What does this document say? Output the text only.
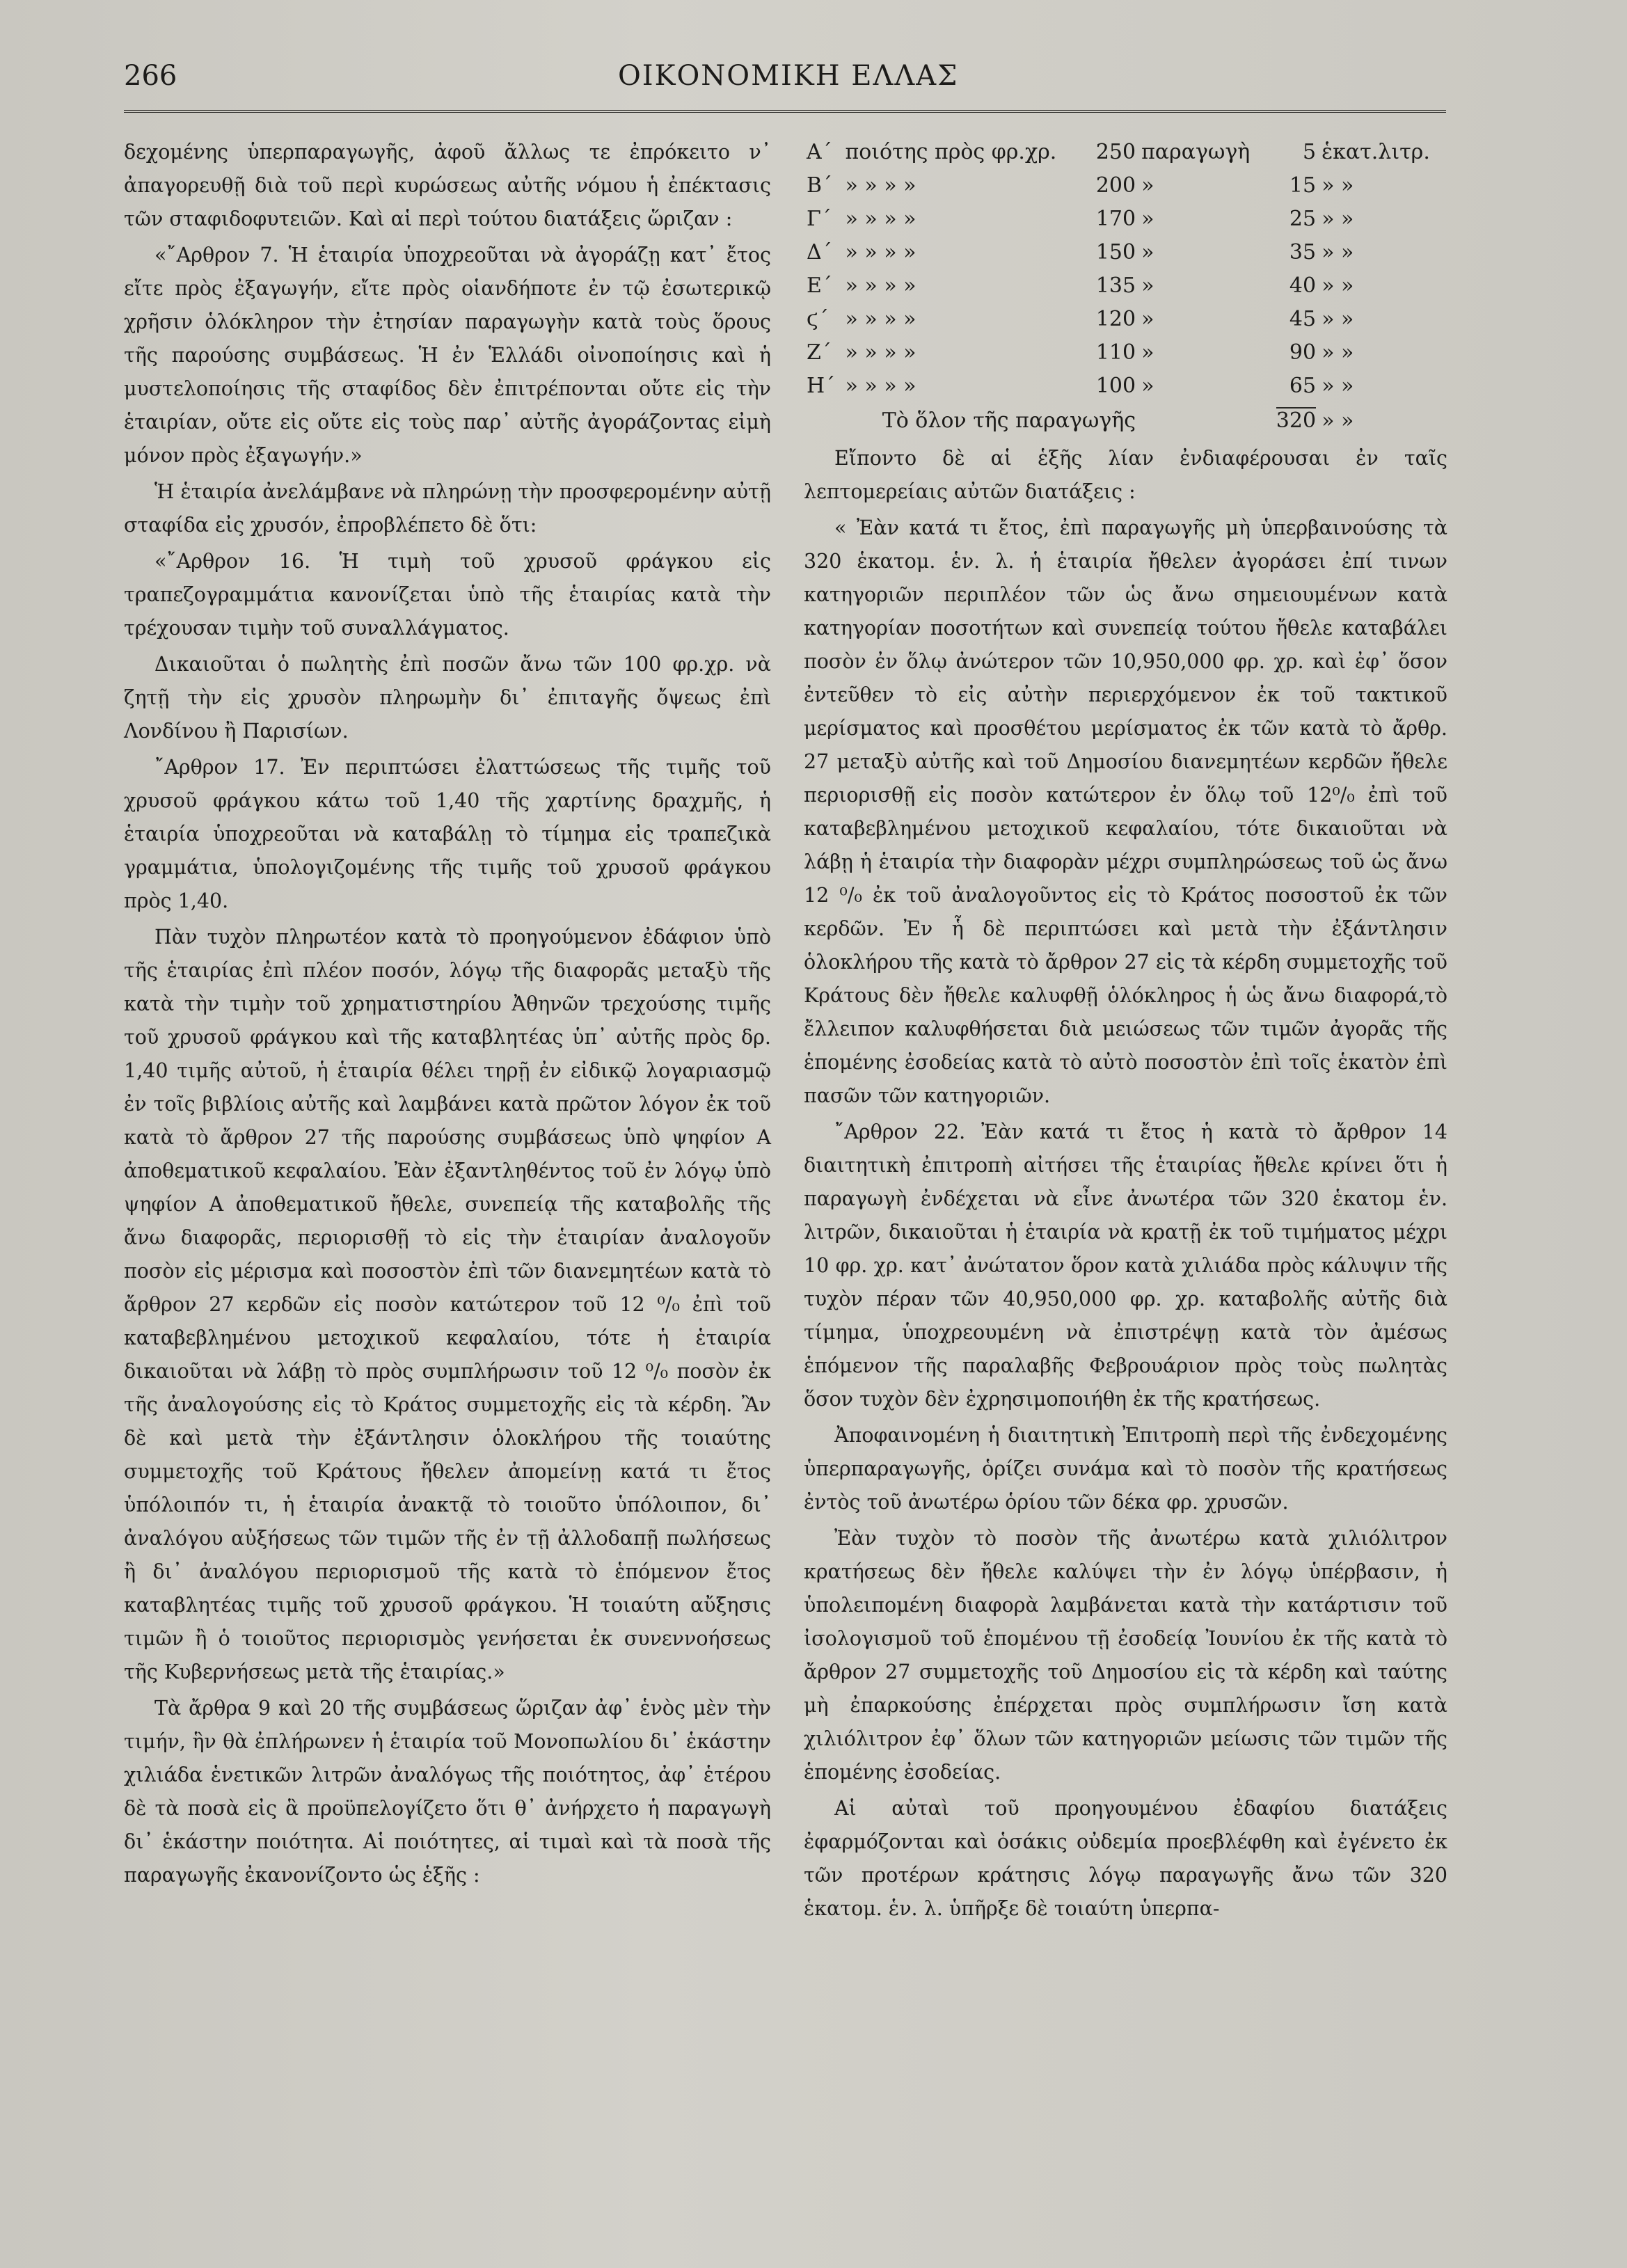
266	ΟΙΚΟΝΟΜΙΚΗ ΕΛΛΑΣ

δεχομένης ὑπερπαραγωγῆς, ἀφοῦ ἄλλως τε ἐπρόκειτο ν᾽ ἀπαγορευθῇ διὰ τοῦ περὶ κυρώσεως αὐτῆς νόμου ἡ ἐπέκτασις τῶν σταφιδοφυτειῶν. Καὶ αἱ περὶ τούτου διατάξεις ὥριζαν :

«῎Αρθρον 7. Ἡ ἑταιρία ὑποχρεοῦται νὰ ἀγοράζῃ κατ᾽ ἔτος εἴτε πρὸς ἐξαγωγήν, εἴτε πρὸς οἱανδήποτε ἐν τῷ ἐσωτερικῷ χρῆσιν ὁλόκληρον τὴν ἐτησίαν παραγωγὴν κατὰ τοὺς ὅρους τῆς παρούσης συμβάσεως. Ἡ ἐν Ἑλλάδι οἰνοποίησις καὶ ἡ μυστελοποίησις τῆς σταφίδος δὲν ἐπιτρέπονται οὔτε εἰς τὴν ἑταιρίαν, οὔτε εἰς οὔτε εἰς τοὺς παρ᾽ αὐτῆς ἀγοράζοντας εἰμὴ μόνον πρὸς ἐξαγωγήν.»

Ἡ ἑταιρία ἀνελάμβανε νὰ πληρώνῃ τὴν προσφερομένην αὐτῇ σταφίδα εἰς χρυσόν, ἐπροβλέπετο δὲ ὅτι:

«῎Αρθρον 16. Ἡ τιμὴ τοῦ χρυσοῦ φράγκου εἰς τραπεζογραμμάτια κανονίζεται ὑπὸ τῆς ἑταιρίας κατὰ τὴν τρέχουσαν τιμὴν τοῦ συναλλάγματος.

Δικαιοῦται ὁ πωλητὴς ἐπὶ ποσῶν ἄνω τῶν 100 φρ.χρ. νὰ ζητῇ τὴν εἰς χρυσὸν πληρωμὴν δι᾽ ἐπιταγῆς ὄψεως ἐπὶ Λονδίνου ἢ Παρισίων.

῎Αρθρον 17. Ἐν περιπτώσει ἐλαττώσεως τῆς τιμῆς τοῦ χρυσοῦ φράγκου κάτω τοῦ 1,40 τῆς χαρτίνης δραχμῆς, ἡ ἑταιρία ὑποχρεοῦται νὰ καταβάλῃ τὸ τίμημα εἰς τραπεζικὰ γραμμάτια, ὑπολογιζομένης τῆς τιμῆς τοῦ χρυσοῦ φράγκου πρὸς 1,40.

Πὰν τυχὸν πληρωτέον κατὰ τὸ προηγούμενον ἐδάφιον ὑπὸ τῆς ἑταιρίας ἐπὶ πλέον ποσόν, λόγῳ τῆς διαφορᾶς μεταξὺ τῆς κατὰ τὴν τιμὴν τοῦ χρηματιστηρίου Ἀθηνῶν τρεχούσης τιμῆς τοῦ χρυσοῦ φράγκου καὶ τῆς καταβλητέας ὑπ᾽ αὐτῆς πρὸς δρ. 1,40 τιμῆς αὐτοῦ, ἡ ἑταιρία θέλει τηρῇ ἐν εἰδικῷ λογαριασμῷ ἐν τοῖς βιβλίοις αὐτῆς καὶ λαμβάνει κατὰ πρῶτον λόγον ἐκ τοῦ κατὰ τὸ ἄρθρον 27 τῆς παρούσης συμβάσεως ὑπὸ ψηφίον Α ἀποθεματικοῦ κεφαλαίου. Ἐὰν ἐξαντληθέντος τοῦ ἐν λόγῳ ὑπὸ ψηφίον Α ἀποθεματικοῦ ἤθελε, συνεπείᾳ τῆς καταβολῆς τῆς ἄνω διαφορᾶς, περιορισθῇ τὸ εἰς τὴν ἑταιρίαν ἀναλογοῦν ποσὸν εἰς μέρισμα καὶ ποσοστὸν ἐπὶ τῶν διανεμητέων κατὰ τὸ ἄρθρον 27 κερδῶν εἰς ποσὸν κατώτερον τοῦ 12 ⁰/₀ ἐπὶ τοῦ καταβεβλημένου μετοχικοῦ κεφαλαίου, τότε ἡ ἑταιρία δικαιοῦται νὰ λάβῃ τὸ πρὸς συμπλήρωσιν τοῦ 12 ⁰/₀ ποσὸν ἐκ τῆς ἀναλογούσης εἰς τὸ Κράτος συμμετοχῆς εἰς τὰ κέρδη. Ἂν δὲ καὶ μετὰ τὴν ἐξάντλησιν ὁλοκλήρου τῆς τοιαύτης συμμετοχῆς τοῦ Κράτους ἤθελεν ἀπομείνῃ κατά τι ἔτος ὑπόλοιπόν τι, ἡ ἑταιρία ἀνακτᾷ τὸ τοιοῦτο ὑπόλοιπον, δι᾽ ἀναλόγου αὐξήσεως τῶν τιμῶν τῆς ἐν τῇ ἀλλοδαπῇ πωλήσεως ἢ δι᾽ ἀναλόγου περιορισμοῦ τῆς κατὰ τὸ ἑπόμενον ἔτος καταβλητέας τιμῆς τοῦ χρυσοῦ φράγκου. Ἡ τοιαύτη αὔξησις τιμῶν ἢ ὁ τοιοῦτος περιορισμὸς γενήσεται ἐκ συνεννοήσεως τῆς Κυβερνήσεως μετὰ τῆς ἑταιρίας.»

Τὰ ἄρθρα 9 καὶ 20 τῆς συμβάσεως ὥριζαν ἀφ᾽ ἑνὸς μὲν τὴν τιμήν, ἣν θὰ ἐπλήρωνεν ἡ ἑταιρία τοῦ Μονοπωλίου δι᾽ ἑκάστην χιλιάδα ἑνετικῶν λιτρῶν ἀναλόγως τῆς ποιότητος, ἀφ᾽ ἑτέρου δὲ τὰ ποσὰ εἰς ἃ προϋπελογίζετο ὅτι θ᾽ ἀνήρχετο ἡ παραγωγὴ δι᾽ ἑκάστην ποιότητα. Αἱ ποιότητες, αἱ τιμαὶ καὶ τὰ ποσὰ τῆς παραγωγῆς ἐκανονίζοντο ὡς ἑξῆς :

Α΄	ποιότης πρὸς φρ.χρ.	250	παραγωγὴ	5	ἑκατ.λιτρ.
Β΄	» » » »	200	»	15	» »
Γ΄	» » » »	170	»	25	» »
Δ΄	» » » »	150	»	35	» »
Ε΄	» » » »	135	»	40	» »
ϛ΄	» » » »	120	»	45	» »
Ζ΄	» » » »	110	»	90	» »
Η΄	» » » »	100	»	65	» »
Τὸ ὅλον τῆς παραγωγῆς				320	» »

Εἴποντο δὲ αἱ ἑξῆς λίαν ἐνδιαφέρουσαι ἐν ταῖς λεπτομερείαις αὐτῶν διατάξεις :

« Ἐὰν κατά τι ἔτος, ἐπὶ παραγωγῆς μὴ ὑπερβαινούσης τὰ 320 ἑκατομ. ἑν. λ. ἡ ἑταιρία ἤθελεν ἀγοράσει ἐπί τινων κατηγοριῶν περιπλέον τῶν ὡς ἄνω σημειουμένων κατὰ κατηγορίαν ποσοτήτων καὶ συνεπείᾳ τούτου ἤθελε καταβάλει ποσὸν ἐν ὅλῳ ἀνώτερον τῶν 10,950,000 φρ. χρ. καὶ ἐφ᾽ ὅσον ἐντεῦθεν τὸ εἰς αὐτὴν περιερχόμενον ἐκ τοῦ τακτικοῦ μερίσματος καὶ προσθέτου μερίσματος ἐκ τῶν κατὰ τὸ ἄρθρ. 27 μεταξὺ αὐτῆς καὶ τοῦ Δημοσίου διανεμητέων κερδῶν ἤθελε περιορισθῇ εἰς ποσὸν κατώτερον ἐν ὅλῳ τοῦ 12⁰/₀ ἐπὶ τοῦ καταβεβλημένου μετοχικοῦ κεφαλαίου, τότε δικαιοῦται νὰ λάβῃ ἡ ἑταιρία τὴν διαφορὰν μέχρι συμπληρώσεως τοῦ ὡς ἄνω 12 ⁰/₀ ἐκ τοῦ ἀναλογοῦντος εἰς τὸ Κράτος ποσοστοῦ ἐκ τῶν κερδῶν. Ἐν ἧ δὲ περιπτώσει καὶ μετὰ τὴν ἐξάντλησιν ὁλοκλήρου τῆς κατὰ τὸ ἄρθρον 27 εἰς τὰ κέρδη συμμετοχῆς τοῦ Κράτους δὲν ἤθελε καλυφθῇ ὁλόκληρος ἡ ὡς ἄνω διαφορά,τὸ ἔλλειπον καλυφθήσεται διὰ μειώσεως τῶν τιμῶν ἀγορᾶς τῆς ἑπομένης ἐσοδείας κατὰ τὸ αὐτὸ ποσοστὸν ἐπὶ τοῖς ἑκατὸν ἐπὶ πασῶν τῶν κατηγοριῶν.

῎Αρθρον 22. Ἐὰν κατά τι ἔτος ἡ κατὰ τὸ ἄρθρον 14 διαιτητικὴ ἐπιτροπὴ αἰτήσει τῆς ἑταιρίας ἤθελε κρίνει ὅτι ἡ παραγωγὴ ἐνδέχεται νὰ εἶνε ἀνωτέρα τῶν 320 ἑκατομ ἑν. λιτρῶν, δικαιοῦται ἡ ἑταιρία νὰ κρατῇ ἐκ τοῦ τιμήματος μέχρι 10 φρ. χρ. κατ᾽ ἀνώτατον ὅρον κατὰ χιλιάδα πρὸς κάλυψιν τῆς τυχὸν πέραν τῶν 40,950,000 φρ. χρ. καταβολῆς αὐτῆς διὰ τίμημα, ὑποχρεουμένη νὰ ἐπιστρέψῃ κατὰ τὸν ἀμέσως ἑπόμενον τῆς παραλαβῆς Φεβρουάριον πρὸς τοὺς πωλητὰς ὅσον τυχὸν δὲν ἐχρησιμοποιήθη ἐκ τῆς κρατήσεως.

Ἀποφαινομένη ἡ διαιτητικὴ Ἐπιτροπὴ περὶ τῆς ἐνδεχομένης ὑπερπαραγωγῆς, ὁρίζει συνάμα καὶ τὸ ποσὸν τῆς κρατήσεως ἐντὸς τοῦ ἀνωτέρω ὁρίου τῶν δέκα φρ. χρυσῶν.

Ἐὰν τυχὸν τὸ ποσὸν τῆς ἀνωτέρω κατὰ χιλιόλιτρον κρατήσεως δὲν ἤθελε καλύψει τὴν ἐν λόγῳ ὑπέρβασιν, ἡ ὑπολειπομένη διαφορὰ λαμβάνεται κατὰ τὴν κατάρτισιν τοῦ ἰσολογισμοῦ τοῦ ἑπομένου τῇ ἐσοδείᾳ Ἰουνίου ἐκ τῆς κατὰ τὸ ἄρθρον 27 συμμετοχῆς τοῦ Δημοσίου εἰς τὰ κέρδη καὶ ταύτης μὴ ἐπαρκούσης ἐπέρχεται πρὸς συμπλήρωσιν ἴση κατὰ χιλιόλιτρον ἐφ᾽ ὅλων τῶν κατηγοριῶν μείωσις τῶν τιμῶν τῆς ἑπομένης ἐσοδείας.

Αἱ αὐταὶ τοῦ προηγουμένου ἐδαφίου διατάξεις ἐφαρμόζονται καὶ ὁσάκις οὐδεμία προεβλέφθη καὶ ἐγένετο ἐκ τῶν προτέρων κράτησις λόγῳ παραγωγῆς ἄνω τῶν 320 ἑκατομ. ἑν. λ. ὑπῆρξε δὲ τοιαύτη ὑπερπα-
